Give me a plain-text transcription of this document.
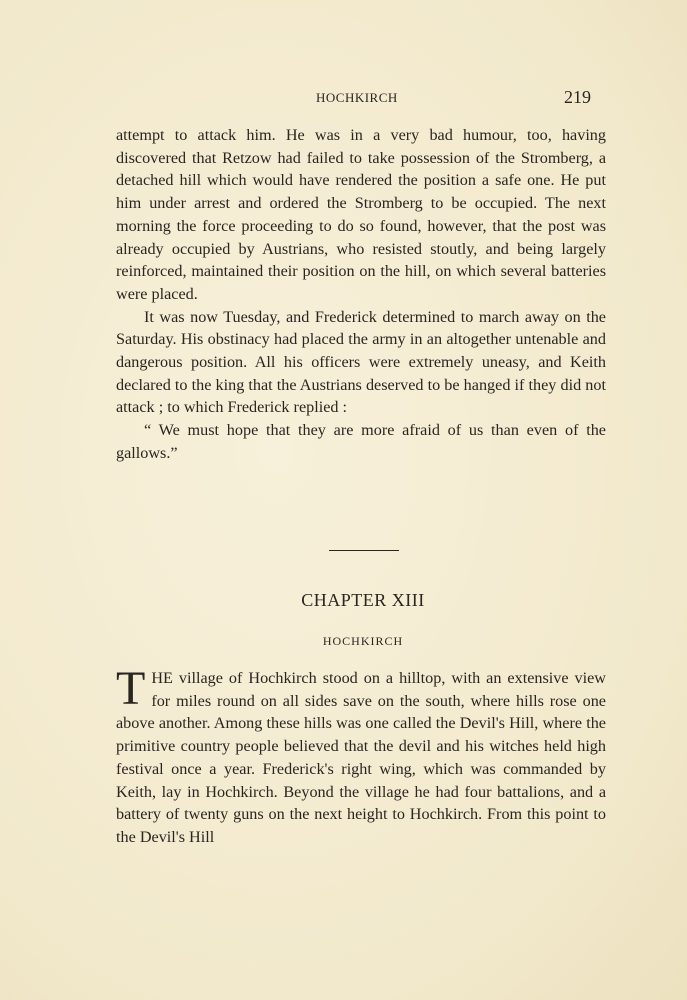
HOCHKIRCH	219

attempt to attack him. He was in a very bad humour, too, having discovered that Retzow had failed to take possession of the Stromberg, a detached hill which would have rendered the position a safe one. He put him under arrest and ordered the Stromberg to be occupied. The next morning the force proceeding to do so found, however, that the post was already occupied by Austrians, who resisted stoutly, and being largely reinforced, maintained their position on the hill, on which several batteries were placed.

It was now Tuesday, and Frederick determined to march away on the Saturday. His obstinacy had placed the army in an altogether untenable and dangerous position. All his officers were extremely uneasy, and Keith declared to the king that the Austrians deserved to be hanged if they did not attack ; to which Frederick replied :

“ We must hope that they are more afraid of us than even of the gallows.”

CHAPTER XIII
HOCHKIRCH

THE village of Hochkirch stood on a hilltop, with an extensive view for miles round on all sides save on the south, where hills rose one above another. Among these hills was one called the Devil's Hill, where the primitive country people believed that the devil and his witches held high festival once a year. Frederick's right wing, which was commanded by Keith, lay in Hochkirch. Beyond the village he had four battalions, and a battery of twenty guns on the next height to Hochkirch. From this point to the Devil's Hill
